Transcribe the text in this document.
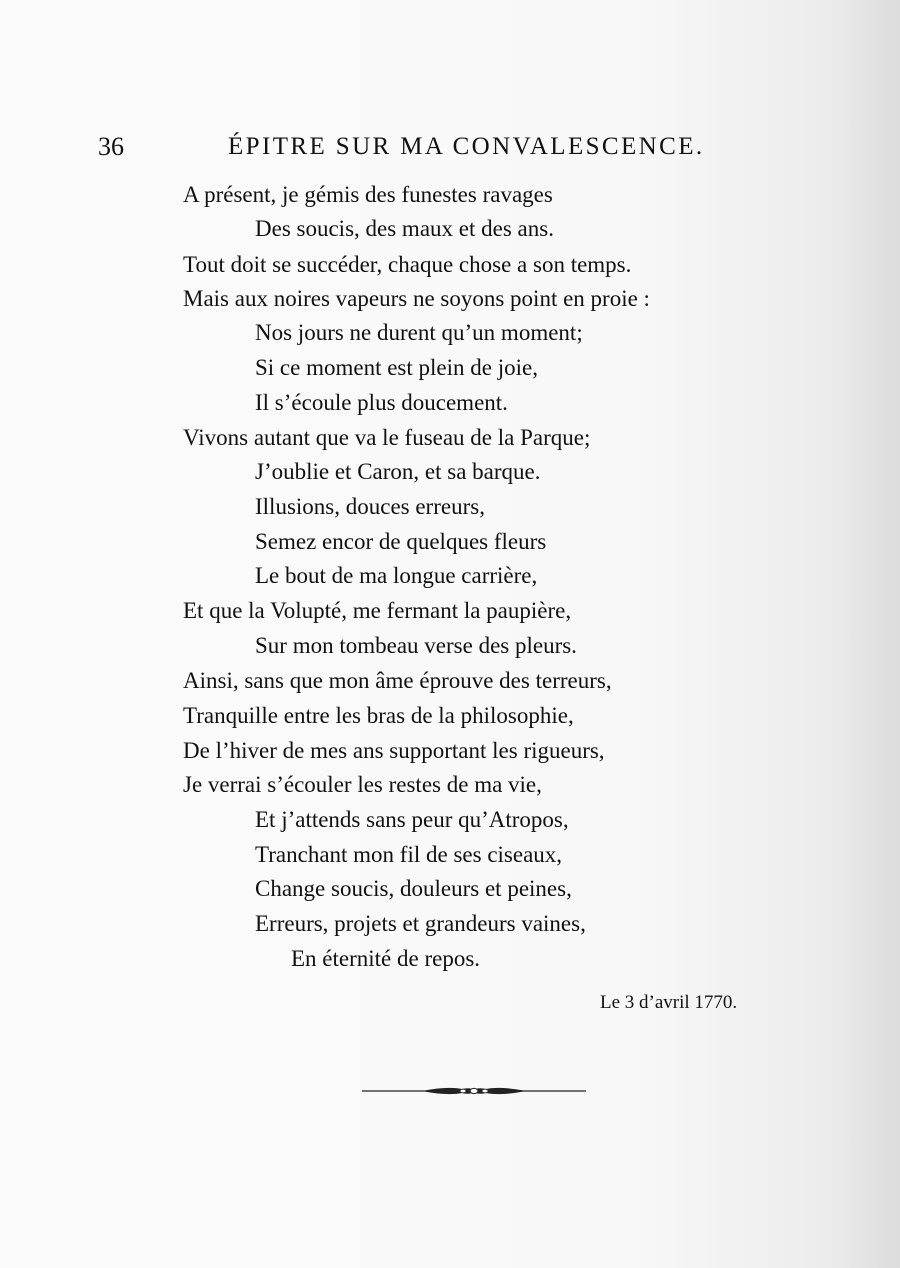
36	ÉPITRE SUR MA CONVALESCENCE.
A présent, je gémis des funestes ravages
Des soucis, des maux et des ans.
Tout doit se succéder, chaque chose a son temps.
Mais aux noires vapeurs ne soyons point en proie :
Nos jours ne durent qu’un moment;
Si ce moment est plein de joie,
Il s’écoule plus doucement.
Vivons autant que va le fuseau de la Parque;
J’oublie et Caron, et sa barque.
Illusions, douces erreurs,
Semez encor de quelques fleurs
Le bout de ma longue carrière,
Et que la Volupté, me fermant la paupière,
Sur mon tombeau verse des pleurs.
Ainsi, sans que mon âme éprouve des terreurs,
Tranquille entre les bras de la philosophie,
De l’hiver de mes ans supportant les rigueurs,
Je verrai s’écouler les restes de ma vie,
Et j’attends sans peur qu’Atropos,
Tranchant mon fil de ses ciseaux,
Change soucis, douleurs et peines,
Erreurs, projets et grandeurs vaines,
En éternité de repos.
Le 3 d’avril 1770.
